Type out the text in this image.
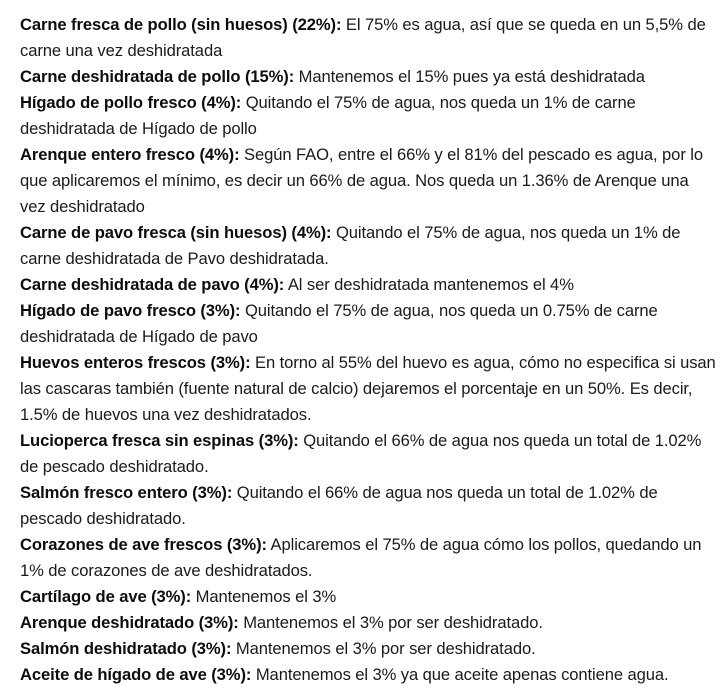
Carne fresca de pollo (sin huesos) (22%): El 75% es agua, así que se queda en un 5,5% de carne una vez deshidratada

Carne deshidratada de pollo (15%): Mantenemos el 15% pues ya está deshidratada

Hígado de pollo fresco (4%): Quitando el 75% de agua, nos queda un 1% de carne deshidratada de Hígado de pollo

Arenque entero fresco (4%): Según FAO, entre el 66% y el 81% del pescado es agua, por lo que aplicaremos el mínimo, es decir un 66% de agua. Nos queda un 1.36% de Arenque una vez deshidratado

Carne de pavo fresca (sin huesos) (4%): Quitando el 75% de agua, nos queda un 1% de carne deshidratada de Pavo deshidratada.

Carne deshidratada de pavo (4%): Al ser deshidratada mantenemos el 4%

Hígado de pavo fresco (3%): Quitando el 75% de agua, nos queda un 0.75% de carne deshidratada de Hígado de pavo

Huevos enteros frescos (3%): En torno al 55% del huevo es agua, cómo no especifica si usan las cascaras también (fuente natural de calcio) dejaremos el porcentaje en un 50%. Es decir, 1.5% de huevos una vez deshidratados.

Lucioperca fresca sin espinas (3%): Quitando el 66% de agua nos queda un total de 1.02% de pescado deshidratado.

Salmón fresco entero (3%): Quitando el 66% de agua nos queda un total de 1.02% de pescado deshidratado.

Corazones de ave frescos (3%): Aplicaremos el 75% de agua cómo los pollos, quedando un 1% de corazones de ave deshidratados.

Cartílago de ave (3%): Mantenemos el 3%

Arenque deshidratado (3%): Mantenemos el 3% por ser deshidratado.

Salmón deshidratado (3%): Mantenemos el 3% por ser deshidratado.

Aceite de hígado de ave (3%): Mantenemos el 3% ya que aceite apenas contiene agua.
